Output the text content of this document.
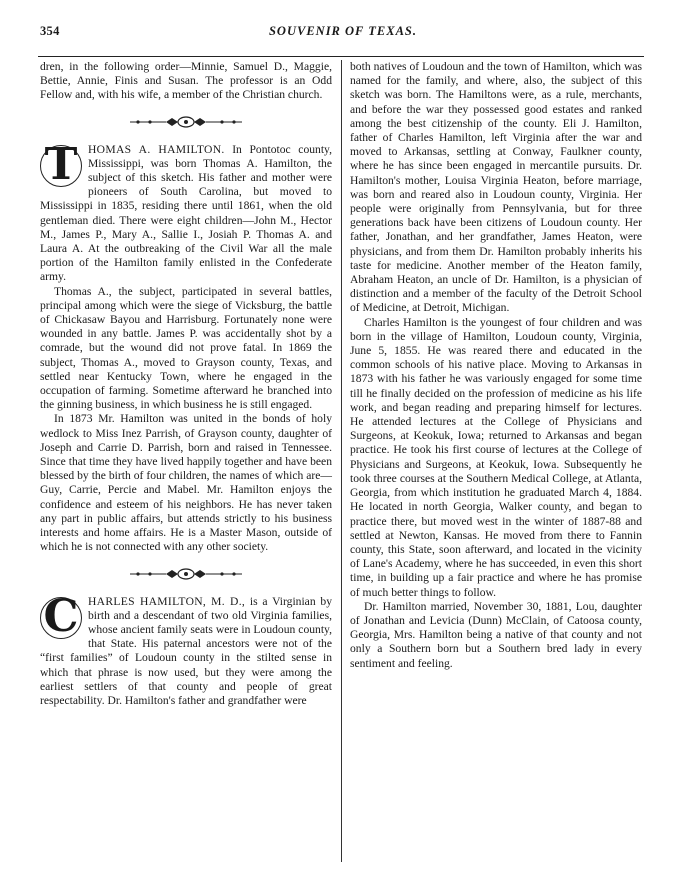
354	SOUVENIR OF TEXAS.

dren, in the following order—Minnie, Samuel D., Maggie, Bettie, Annie, Finis and Susan. The professor is an Odd Fellow and, with his wife, a member of the Christian church.

T HOMAS A. HAMILTON. In Pontotoc county, Mississippi, was born Thomas A. Hamilton, the subject of this sketch. His father and mother were pioneers of South Carolina, but moved to Mississippi in 1835, residing there until 1861, when the old gentleman died. There were eight children—John M., Hector M., James P., Mary A., Sallie I., Josiah P. Thomas A. and Laura A. At the outbreaking of the Civil War all the male portion of the Hamilton family enlisted in the Confederate army.

Thomas A., the subject, participated in several battles, principal among which were the siege of Vicksburg, the battle of Chickasaw Bayou and Harrisburg. Fortunately none were wounded in any battle. James P. was accidentally shot by a comrade, but the wound did not prove fatal. In 1869 the subject, Thomas A., moved to Grayson county, Texas, and settled near Kentucky Town, where he engaged in the occupation of farming. Sometime afterward he branched into the ginning business, in which business he is still engaged.

In 1873 Mr. Hamilton was united in the bonds of holy wedlock to Miss Inez Parrish, of Grayson county, daughter of Joseph and Carrie D. Parrish, born and raised in Tennessee. Since that time they have lived happily together and have been blessed by the birth of four children, the names of which are—Guy, Carrie, Percie and Mabel. Mr. Hamilton enjoys the confidence and esteem of his neighbors. He has never taken any part in public affairs, but attends strictly to his business interests and home affairs. He is a Master Mason, outside of which he is not connected with any other society.

C HARLES HAMILTON, M. D., is a Virginian by birth and a descendant of two old Virginia families, whose ancient family seats were in Loudoun county, that State. His paternal ancestors were not of the “first families” of Loudoun county in the stilted sense in which that phrase is now used, but they were among the earliest settlers of that county and people of great respectability. Dr. Hamilton's father and grandfather were

both natives of Loudoun and the town of Hamilton, which was named for the family, and where, also, the subject of this sketch was born. The Hamiltons were, as a rule, merchants, and before the war they possessed good estates and ranked among the best citizenship of the county. Eli J. Hamilton, father of Charles Hamilton, left Virginia after the war and moved to Arkansas, settling at Conway, Faulkner county, where he has since been engaged in mercantile pursuits. Dr. Hamilton's mother, Louisa Virginia Heaton, before marriage, was born and reared also in Loudoun county, Virginia. Her people were originally from Pennsylvania, but for three generations back have been citizens of Loudoun county. Her father, Jonathan, and her grandfather, James Heaton, were physicians, and from them Dr. Hamilton probably inherits his taste for medicine. Another member of the Heaton family, Abraham Heaton, an uncle of Dr. Hamilton, is a physician of distinction and a member of the faculty of the Detroit School of Medicine, at Detroit, Michigan.

Charles Hamilton is the youngest of four children and was born in the village of Hamilton, Loudoun county, Virginia, June 5, 1855. He was reared there and educated in the common schools of his native place. Moving to Arkansas in 1873 with his father he was variously engaged for some time till he finally decided on the profession of medicine as his life work, and began reading and preparing himself for lectures. He attended lectures at the College of Physicians and Surgeons, at Keokuk, Iowa; returned to Arkansas and began practice. He took his first course of lectures at the College of Physicians and Surgeons, at Keokuk, Iowa. Subsequently he took three courses at the Southern Medical College, at Atlanta, Georgia, from which institution he graduated March 4, 1884. He located in north Georgia, Walker county, and began to practice there, but moved west in the winter of 1887-88 and settled at Newton, Kansas. He moved from there to Fannin county, this State, soon afterward, and located in the vicinity of Lane's Academy, where he has succeeded, in even this short time, in building up a fair practice and where he has promise of much better things to follow.

Dr. Hamilton married, November 30, 1881, Lou, daughter of Jonathan and Levicia (Dunn) McClain, of Catoosa county, Georgia, Mrs. Hamilton being a native of that county and not only a Southern born but a Southern bred lady in every sentiment and feeling.
